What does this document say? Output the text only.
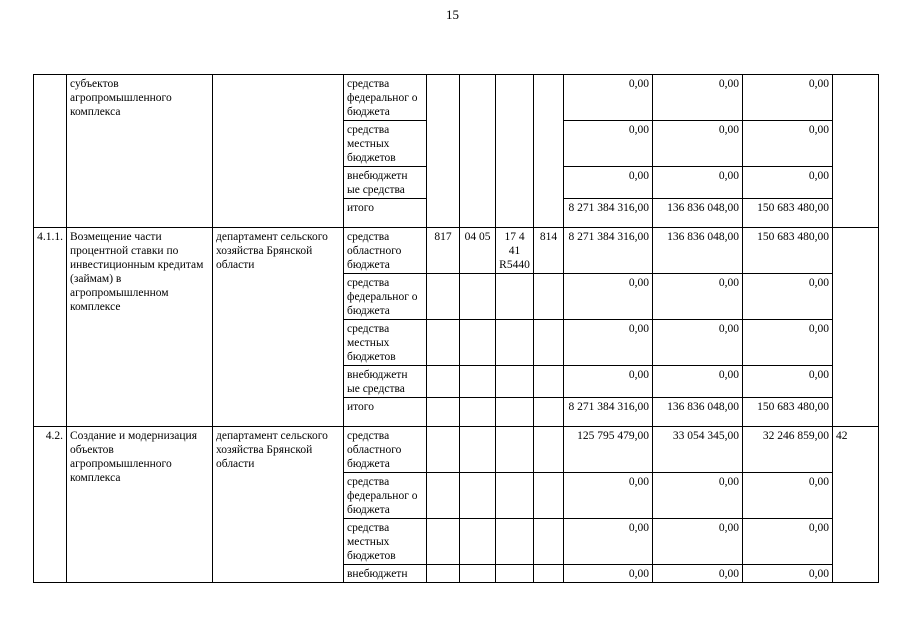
15
	субъектов агропромышленного комплекса		средства федеральног о бюджета					0,00	0,00	0,00	
			средства местных бюджетов					0,00	0,00	0,00	
			внебюджетн ые средства					0,00	0,00	0,00	
			итого					8 271 384 316,00	136 836 048,00	150 683 480,00	
4.1.1.	Возмещение части процентной ставки по инвестиционным кредитам (займам) в агропромышленном комплексе	департамент сельского хозяйства Брянской области	средства областного бюджета	817	04 05	17 4 41 R5440	814	8 271 384 316,00	136 836 048,00	150 683 480,00	
			средства федеральног о бюджета					0,00	0,00	0,00	
			средства местных бюджетов					0,00	0,00	0,00	
			внебюджетн ые средства					0,00	0,00	0,00	
			итого					8 271 384 316,00	136 836 048,00	150 683 480,00	
4.2.	Создание и модернизация объектов агропромышленного комплекса	департамент сельского хозяйства Брянской области	средства областного бюджета					125 795 479,00	33 054 345,00	32 246 859,00	42
			средства федеральног о бюджета					0,00	0,00	0,00	
			средства местных бюджетов					0,00	0,00	0,00	
			внебюджетн					0,00	0,00	0,00	
